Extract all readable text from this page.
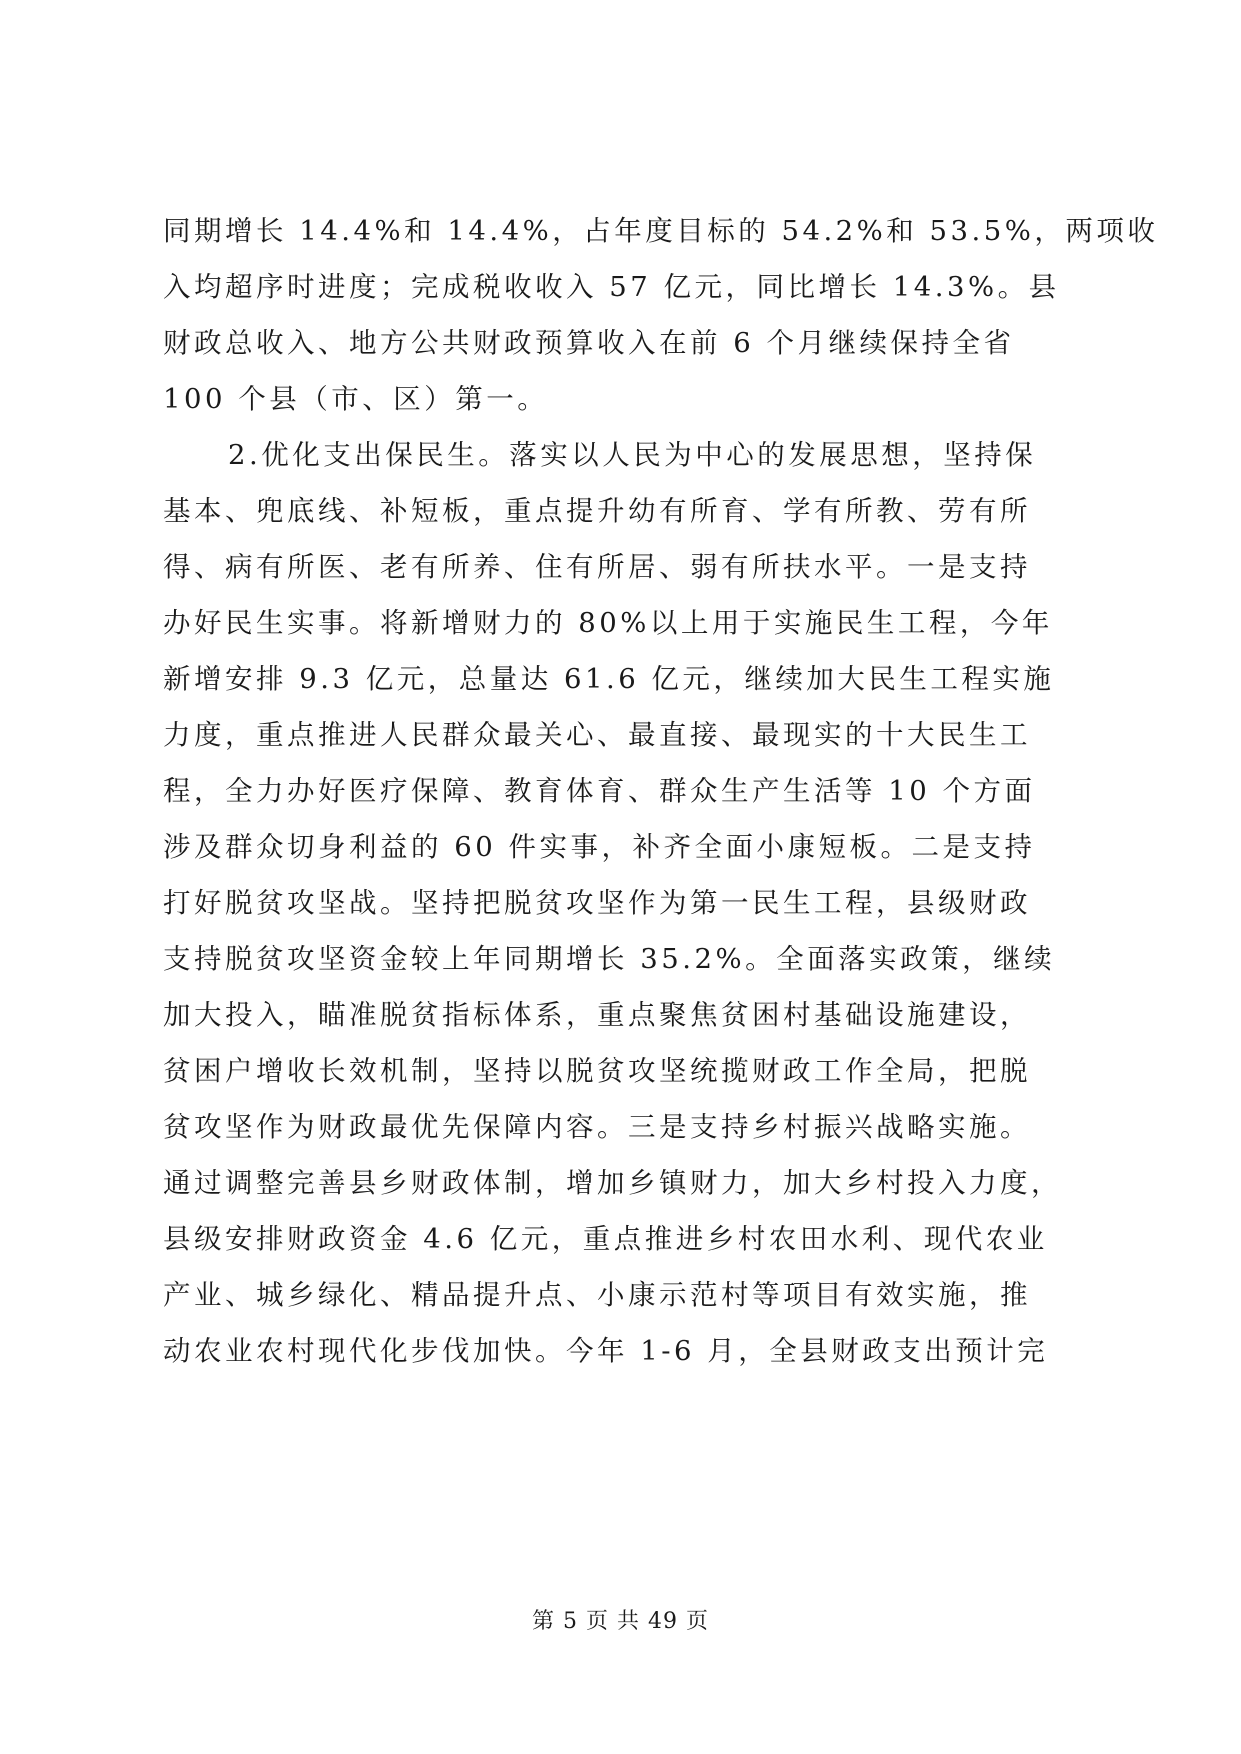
同期增长 14.4%和 14.4%，占年度目标的 54.2%和 53.5%，两项收
入均超序时进度；完成税收收入 57 亿元，同比增长 14.3%。县
财政总收入、地方公共财政预算收入在前 6 个月继续保持全省
100 个县（市、区）第一。
2.优化支出保民生。落实以人民为中心的发展思想，坚持保
基本、兜底线、补短板，重点提升幼有所育、学有所教、劳有所
得、病有所医、老有所养、住有所居、弱有所扶水平。一是支持
办好民生实事。将新增财力的 80%以上用于实施民生工程，今年
新增安排 9.3 亿元，总量达 61.6 亿元，继续加大民生工程实施
力度，重点推进人民群众最关心、最直接、最现实的十大民生工
程，全力办好医疗保障、教育体育、群众生产生活等 10 个方面
涉及群众切身利益的 60 件实事，补齐全面小康短板。二是支持
打好脱贫攻坚战。坚持把脱贫攻坚作为第一民生工程，县级财政
支持脱贫攻坚资金较上年同期增长 35.2%。全面落实政策，继续
加大投入，瞄准脱贫指标体系，重点聚焦贫困村基础设施建设，
贫困户增收长效机制，坚持以脱贫攻坚统揽财政工作全局，把脱
贫攻坚作为财政最优先保障内容。三是支持乡村振兴战略实施。
通过调整完善县乡财政体制，增加乡镇财力，加大乡村投入力度，
县级安排财政资金 4.6 亿元，重点推进乡村农田水利、现代农业
产业、城乡绿化、精品提升点、小康示范村等项目有效实施，推
动农业农村现代化步伐加快。今年 1-6 月，全县财政支出预计完
第 5 页 共 49 页
